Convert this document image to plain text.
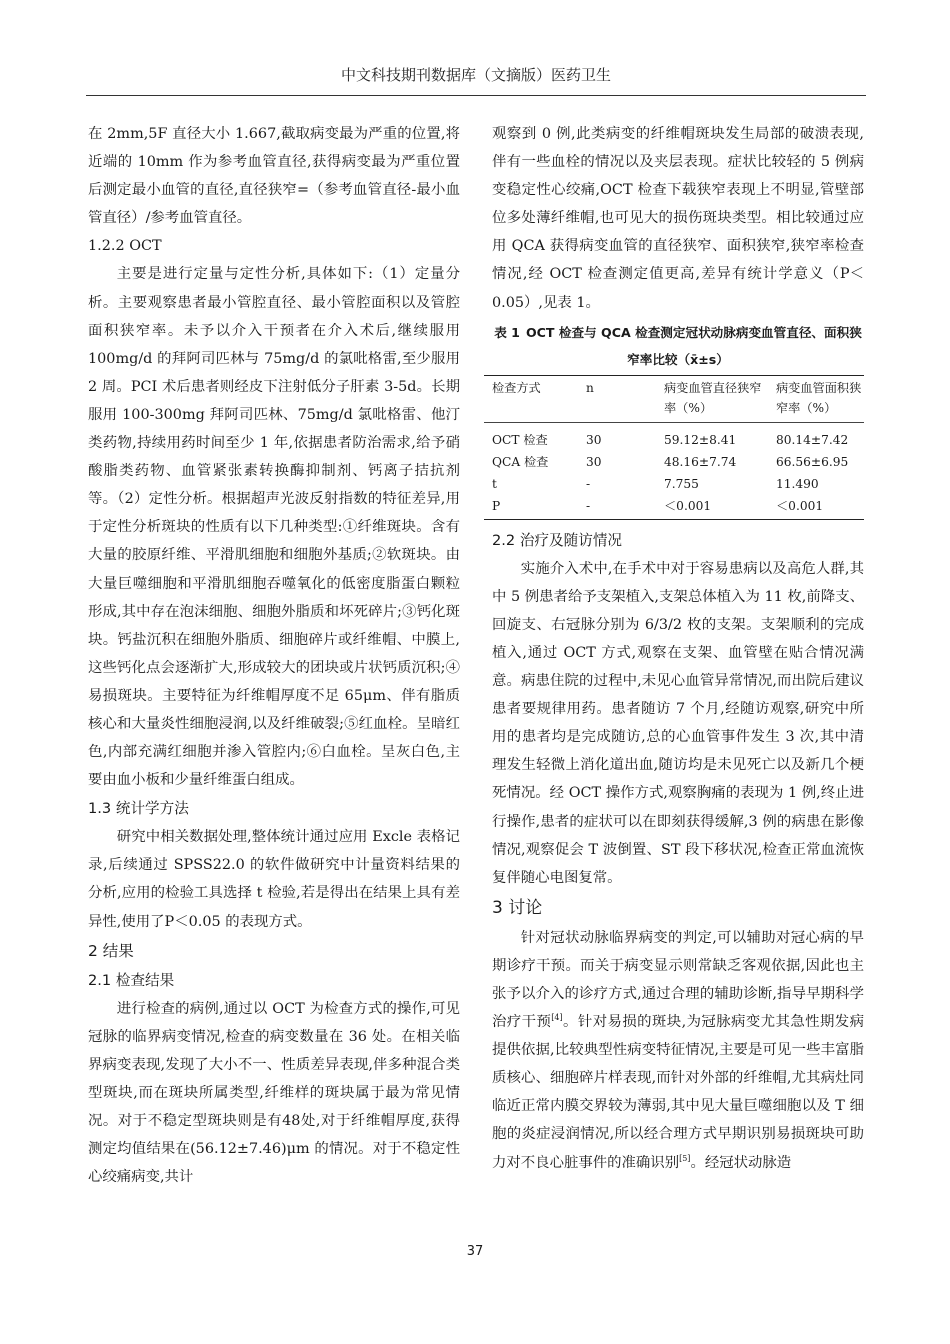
中文科技期刊数据库（文摘版）医药卫生

在 2mm,5F 直径大小 1.667,截取病变最为严重的位置,将近端的 10mm 作为参考血管直径,获得病变最为严重位置后测定最小血管的直径,直径狭窄=（参考血管直径-最小血管直径）/参考血管直径。

1.2.2 OCT

主要是进行定量与定性分析,具体如下:（1）定量分析。主要观察患者最小管腔直径、最小管腔面积以及管腔面积狭窄率。未予以介入干预者在介入术后,继续服用 100mg/d 的拜阿司匹林与 75mg/d 的氯吡格雷,至少服用 2 周。PCI 术后患者则经皮下注射低分子肝素 3-5d。长期服用 100-300mg 拜阿司匹林、75mg/d 氯吡格雷、他汀类药物,持续用药时间至少 1 年,依据患者防治需求,给予硝酸脂类药物、血管紧张素转换酶抑制剂、钙离子拮抗剂等。（2）定性分析。根据超声光波反射指数的特征差异,用于定性分析斑块的性质有以下几种类型:①纤维斑块。含有大量的胶原纤维、平滑肌细胞和细胞外基质;②软斑块。由大量巨噬细胞和平滑肌细胞吞噬氧化的低密度脂蛋白颗粒形成,其中存在泡沫细胞、细胞外脂质和坏死碎片;③钙化斑块。钙盐沉积在细胞外脂质、细胞碎片或纤维帽、中膜上,这些钙化点会逐渐扩大,形成较大的团块或片状钙质沉积;④易损斑块。主要特征为纤维帽厚度不足 65μm、伴有脂质核心和大量炎性细胞浸润,以及纤维破裂;⑤红血栓。呈暗红色,内部充满红细胞并渗入管腔内;⑥白血栓。呈灰白色,主要由血小板和少量纤维蛋白组成。

1.3 统计学方法

研究中相关数据处理,整体统计通过应用 Excle 表格记录,后续通过 SPSS22.0 的软件做研究中计量资料结果的分析,应用的检验工具选择 t 检验,若是得出在结果上具有差异性,使用了P＜0.05 的表现方式。

2 结果

2.1 检查结果

进行检查的病例,通过以 OCT 为检查方式的操作,可见冠脉的临界病变情况,检查的病变数量在 36 处。在相关临界病变表现,发现了大小不一、性质差异表现,伴多种混合类型斑块,而在斑块所属类型,纤维样的斑块属于最为常见情况。对于不稳定型斑块则是有48处,对于纤维帽厚度,获得测定均值结果在(56.12±7.46)μm 的情况。对于不稳定性心绞痛病变,共计

观察到 0 例,此类病变的纤维帽斑块发生局部的破溃表现,伴有一些血栓的情况以及夹层表现。症状比较轻的 5 例病变稳定性心绞痛,OCT 检查下载狭窄表现上不明显,管壁部位多处薄纤维帽,也可见大的损伤斑块类型。相比较通过应用 QCA 获得病变血管的直径狭窄、面积狭窄,狭窄率检查情况,经 OCT 检查测定值更高,差异有统计学意义（P＜0.05）,见表 1。

表 1 OCT 检查与 QCA 检查测定冠状动脉病变血管直径、面积狭窄率比较（x̄±s）
检查方式	n	病变血管直径狭窄率（%）	病变血管面积狭窄率（%）
OCT 检查	30	59.12±8.41	80.14±7.42
QCA 检查	30	48.16±7.74	66.56±6.95
t	-	7.755	11.490
P	-	＜0.001	＜0.001

2.2 治疗及随访情况

实施介入术中,在手术中对于容易患病以及高危人群,其中 5 例患者给予支架植入,支架总体植入为 11 枚,前降支、回旋支、右冠脉分别为 6/3/2 枚的支架。支架顺利的完成植入,通过 OCT 方式,观察在支架、血管壁在贴合情况满意。病患住院的过程中,未见心血管异常情况,而出院后建议患者要规律用药。患者随访 7 个月,经随访观察,研究中所用的患者均是完成随访,总的心血管事件发生 3 次,其中清理发生轻微上消化道出血,随访均是未见死亡以及新几个梗死情况。经 OCT 操作方式,观察胸痛的表现为 1 例,终止进行操作,患者的症状可以在即刻获得缓解,3 例的病患在影像情况,观察促会 T 波倒置、ST 段下移状况,检查正常血流恢复伴随心电图复常。

3 讨论

针对冠状动脉临界病变的判定,可以辅助对冠心病的早期诊疗干预。而关于病变显示则常缺乏客观依据,因此也主张予以介入的诊疗方式,通过合理的辅助诊断,指导早期科学治疗干预[4]。针对易损的斑块,为冠脉病变尤其急性期发病提供依据,比较典型性病变特征情况,主要是可见一些丰富脂质核心、细胞碎片样表现,而针对外部的纤维帽,尤其病灶同临近正常内膜交界较为薄弱,其中见大量巨噬细胞以及 T 细胞的炎症浸润情况,所以经合理方式早期识别易损斑块可助力对不良心脏事件的准确识别[5]。经冠状动脉造

37
